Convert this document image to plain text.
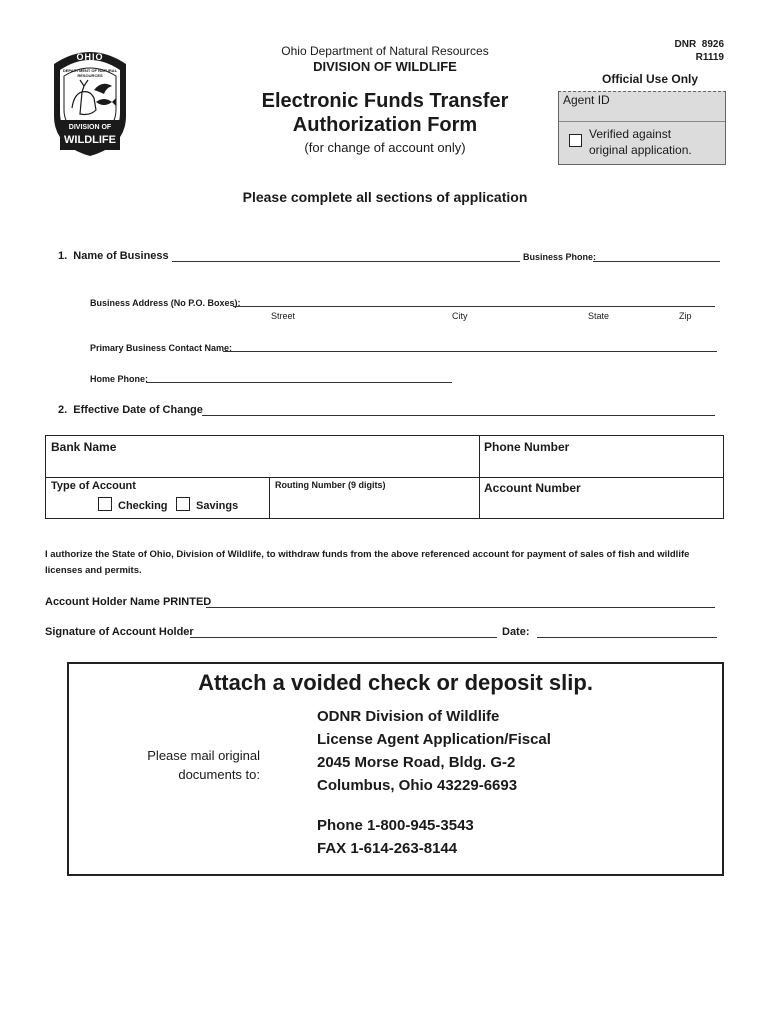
OHIO
DEPARTMENT OF NATURAL RESOURCES
DIVISION OF
WILDLIFE
Ohio Department of Natural Resources
DIVISION OF WILDLIFE
DNR  8926
R1119
Electronic Funds Transfer
Authorization Form
(for change of account only)
Official Use Only
Agent ID
Verified against
original application.
Please complete all sections of application
1.  Name of Business	Business Phone:
Business Address (No P.O. Boxes):
Street	City	State	Zip
Primary Business Contact Name:
Home Phone:
2.  Effective Date of Change
Bank Name	Phone Number
Type of Account
Checking	Savings
Routing Number (9 digits)	Account Number
I authorize the State of Ohio, Division of Wildlife, to withdraw funds from the above referenced account for payment of sales of fish and wildlife licenses and permits.
Account Holder Name PRINTED
Signature of Account Holder	Date:
Attach a voided check or deposit slip.
Please mail original
documents to:
ODNR Division of Wildlife
License Agent Application/Fiscal
2045 Morse Road, Bldg. G-2
Columbus, Ohio 43229-6693
Phone 1-800-945-3543
FAX 1-614-263-8144
